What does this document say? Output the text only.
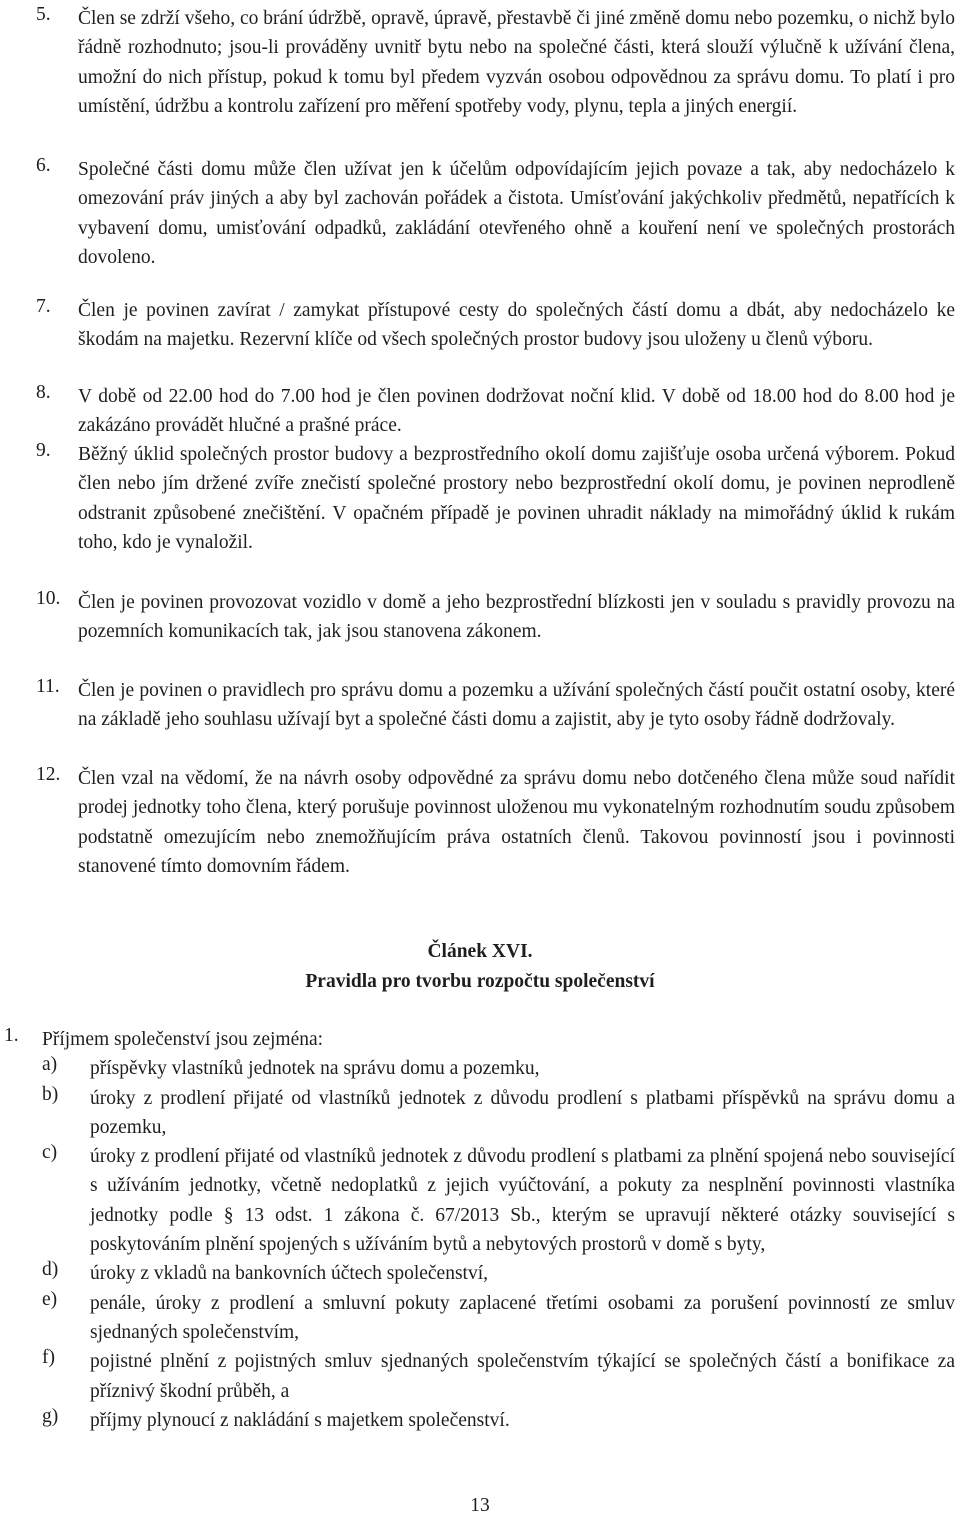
5. Člen se zdrží všeho, co brání údržbě, opravě, úpravě, přestavbě či jiné změně domu nebo pozemku, o nichž bylo řádně rozhodnuto; jsou-li prováděny uvnitř bytu nebo na společné části, která slouží výlučně k užívání člena, umožní do nich přístup, pokud k tomu byl předem vyzván osobou odpovědnou za správu domu. To platí i pro umístění, údržbu a kontrolu zařízení pro měření spotřeby vody, plynu, tepla a jiných energií.
6. Společné části domu může člen užívat jen k účelům odpovídajícím jejich povaze a tak, aby nedocházelo k omezování práv jiných a aby byl zachován pořádek a čistota. Umísťování jakýchkoliv předmětů, nepatřících k vybavení domu, umisťování odpadků, zakládání otevřeného ohně a kouření není ve společných prostorách dovoleno.
7. Člen je povinen zavírat / zamykat přístupové cesty do společných částí domu a dbát, aby nedocházelo ke škodám na majetku. Rezervní klíče od všech společných prostor budovy jsou uloženy u členů výboru.
8. V době od 22.00 hod do 7.00 hod je člen povinen dodržovat noční klid. V době od 18.00 hod do 8.00 hod je zakázáno provádět hlučné a prašné práce.
9. Běžný úklid společných prostor budovy a bezprostředního okolí domu zajišťuje osoba určená výborem. Pokud člen nebo jím držené zvíře znečistí společné prostory nebo bezprostřední okolí domu, je povinen neprodleně odstranit způsobené znečištění. V opačném případě je povinen uhradit náklady na mimořádný úklid k rukám toho, kdo je vynaložil.
10. Člen je povinen provozovat vozidlo v domě a jeho bezprostřední blízkosti jen v souladu s pravidly provozu na pozemních komunikacích tak, jak jsou stanovena zákonem.
11. Člen je povinen o pravidlech pro správu domu a pozemku a užívání společných částí poučit ostatní osoby, které na základě jeho souhlasu užívají byt a společné části domu a zajistit, aby je tyto osoby řádně dodržovaly.
12. Člen vzal na vědomí, že na návrh osoby odpovědné za správu domu nebo dotčeného člena může soud nařídit prodej jednotky toho člena, který porušuje povinnost uloženou mu vykonatelným rozhodnutím soudu způsobem podstatně omezujícím nebo znemožňujícím práva ostatních členů. Takovou povinností jsou i povinnosti stanovené tímto domovním řádem.
Článek XVI.
Pravidla pro tvorbu rozpočtu společenství
1. Příjmem společenství jsou zejména:
a) příspěvky vlastníků jednotek na správu domu a pozemku,
b) úroky z prodlení přijaté od vlastníků jednotek z důvodu prodlení s platbami příspěvků na správu domu a pozemku,
c) úroky z prodlení přijaté od vlastníků jednotek z důvodu prodlení s platbami za plnění spojená nebo související s užíváním jednotky, včetně nedoplatků z jejich vyúčtování, a pokuty za nesplnění povinnosti vlastníka jednotky podle § 13 odst. 1 zákona č. 67/2013 Sb., kterým se upravují některé otázky související s poskytováním plnění spojených s užíváním bytů a nebytových prostorů v domě s byty,
d) úroky z vkladů na bankovních účtech společenství,
e) penále, úroky z prodlení a smluvní pokuty zaplacené třetími osobami za porušení povinností ze smluv sjednaných společenstvím,
f) pojistné plnění z pojistných smluv sjednaných společenstvím týkající se společných částí a bonifikace za příznivý škodní průběh, a
g) příjmy plynoucí z nakládání s majetkem společenství.
13
